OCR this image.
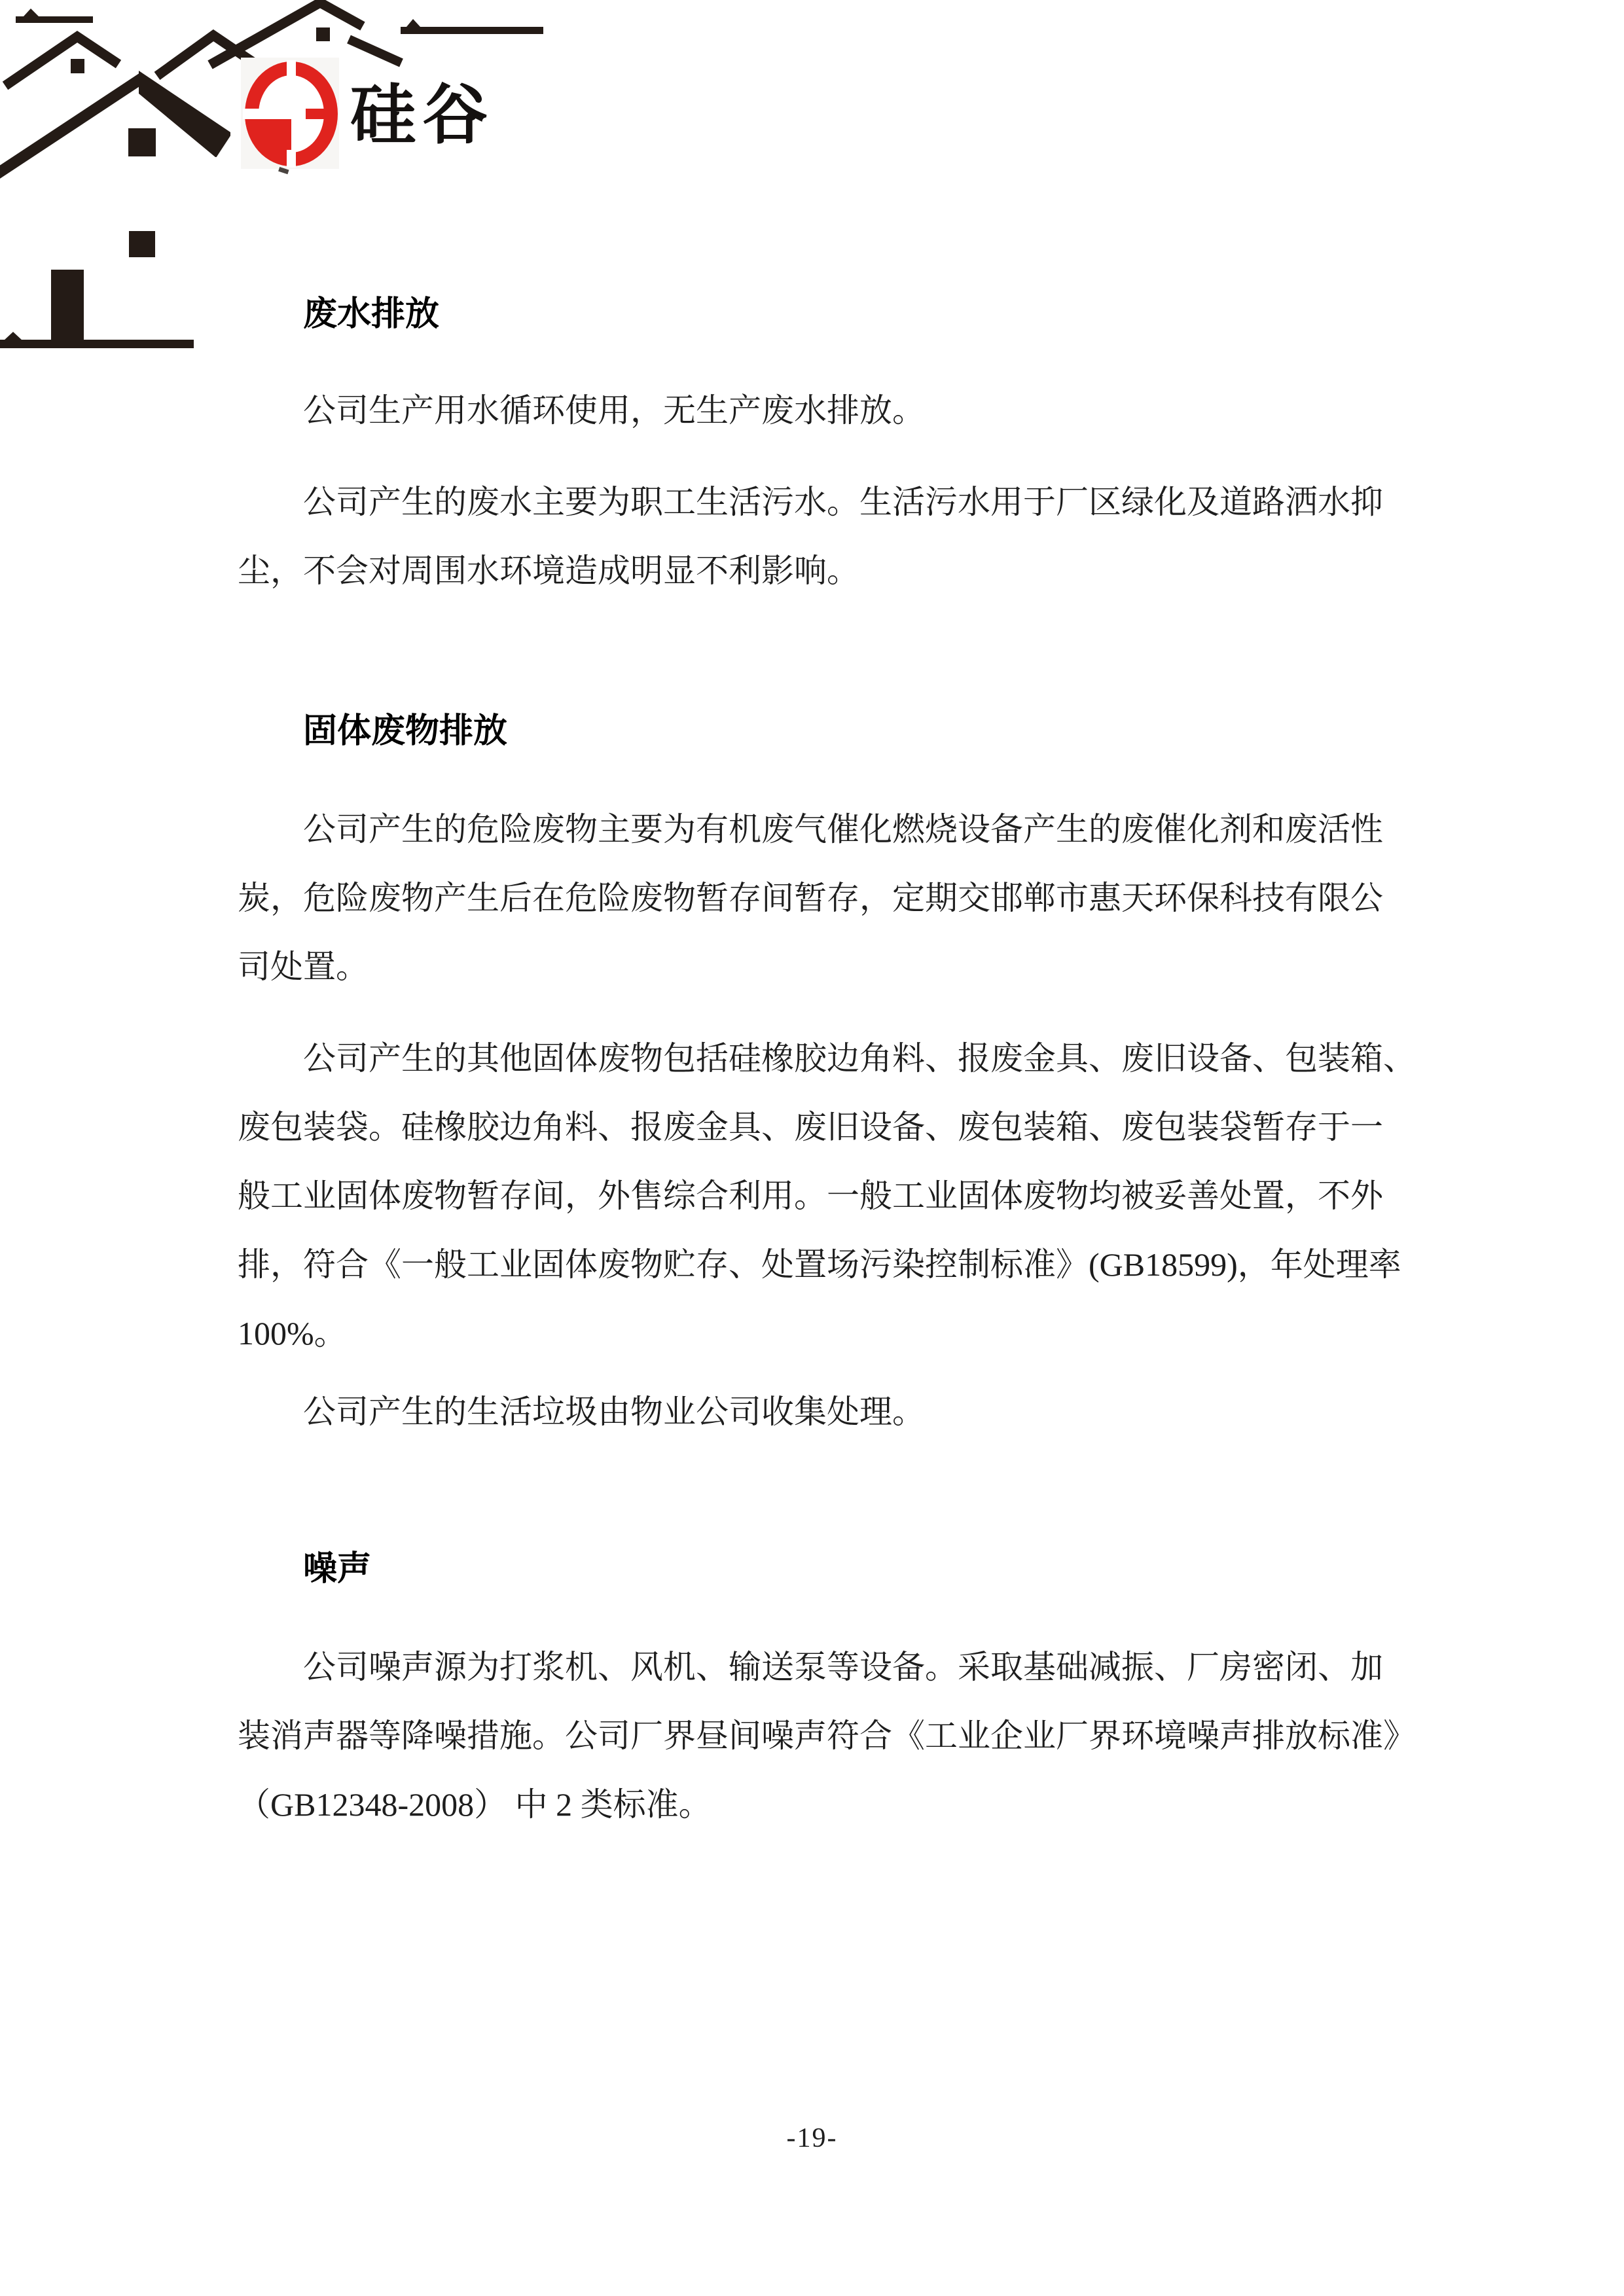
硅谷
废水排放
公司生产用水循环使用，无生产废水排放。
公司产生的废水主要为职工生活污水。生活污水用于厂区绿化及道路洒水抑
尘，不会对周围水环境造成明显不利影响。
固体废物排放
公司产生的危险废物主要为有机废气催化燃烧设备产生的废催化剂和废活性
炭，危险废物产生后在危险废物暂存间暂存，定期交邯郸市惠天环保科技有限公
司处置。
公司产生的其他固体废物包括硅橡胶边角料、报废金具、废旧设备、包装箱、
废包装袋。硅橡胶边角料、报废金具、废旧设备、废包装箱、废包装袋暂存于一
般工业固体废物暂存间，外售综合利用。一般工业固体废物均被妥善处置，不外
排，符合《一般工业固体废物贮存、处置场污染控制标准》(GB18599)，年处理率
100%。
公司产生的生活垃圾由物业公司收集处理。
噪声
公司噪声源为打浆机、风机、输送泵等设备。采取基础减振、厂房密闭、加
装消声器等降噪措施。公司厂界昼间噪声符合《工业企业厂界环境噪声排放标准》
（GB12348-2008） 中 2 类标准。
-19-
